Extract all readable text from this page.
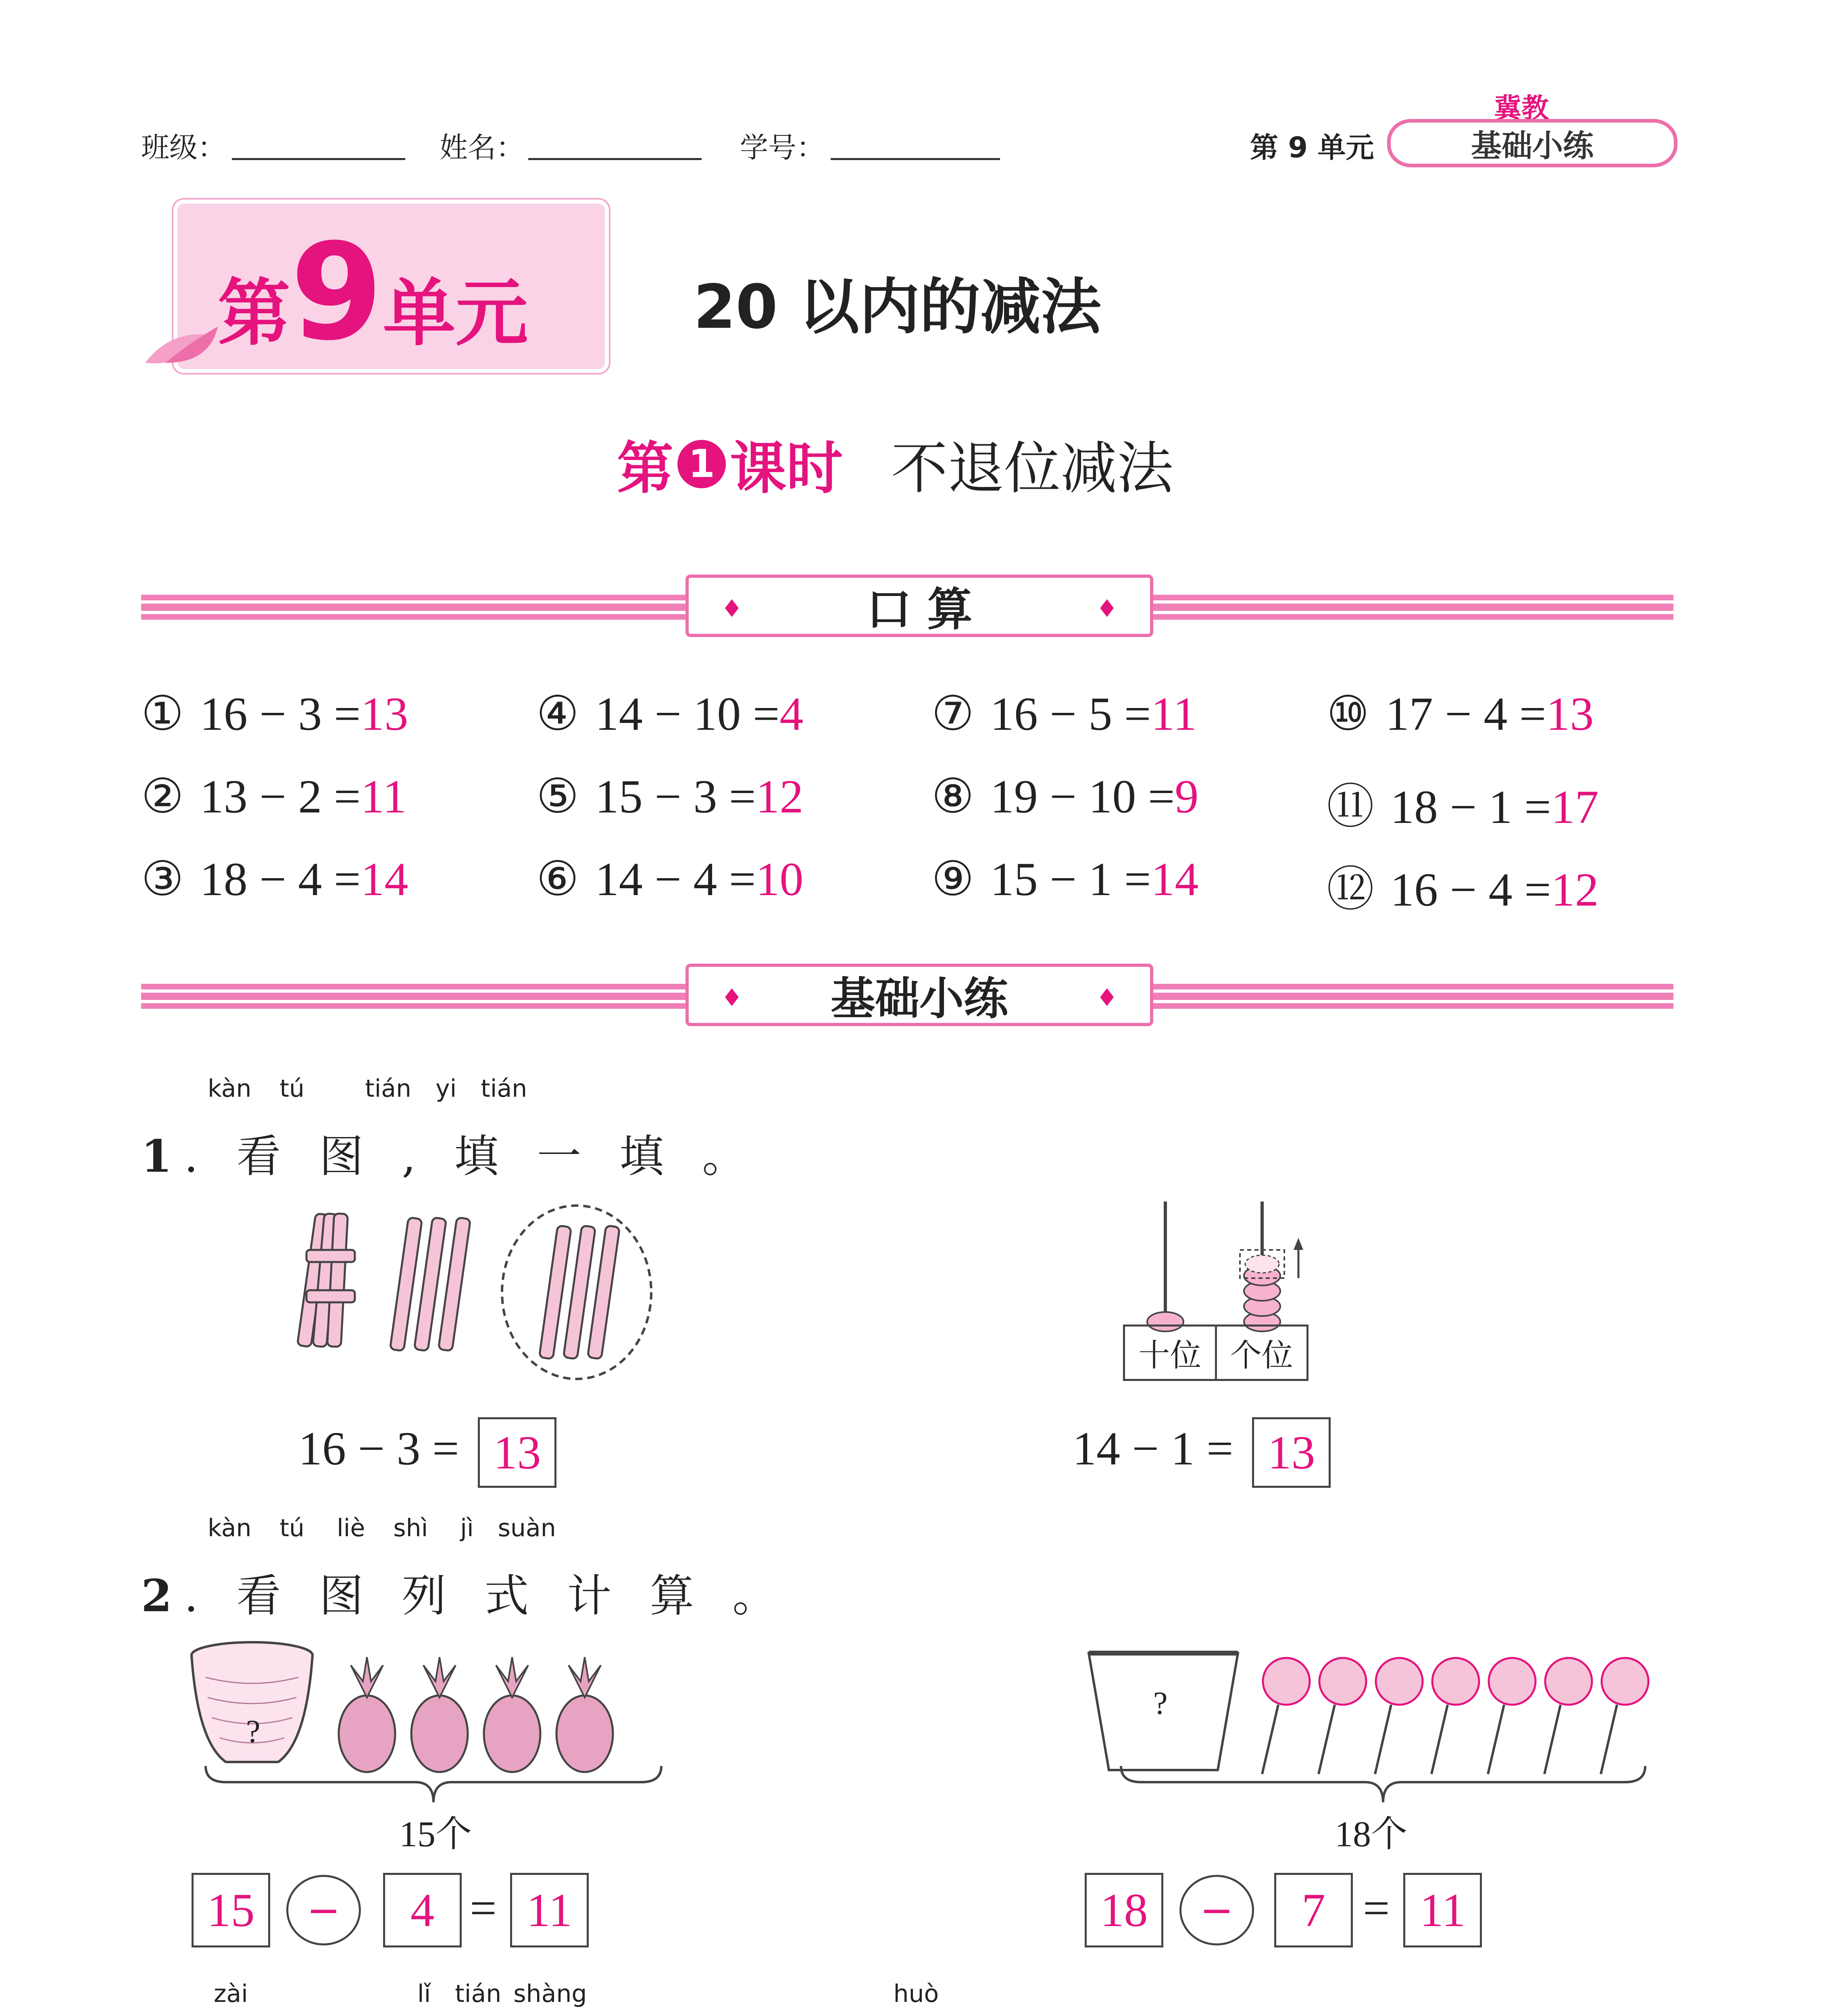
班级：	姓名：	学号：	第 9 单元
冀教
基础小练
第9单元	20 以内的减法
第 1 课时 不退位减法
♦	口 算	♦
① 16 − 3 =13	④ 14 − 10 =4	⑦ 16 − 5 =11	⑩ 17 − 4 =13
② 13 − 2 =11	⑤ 15 − 3 =12	⑧ 19 − 10 =9	⑪ 18 − 1 =17
③ 18 − 4 =14	⑥ 14 − 4 =10	⑨ 15 − 1 =14	⑫ 16 − 4 =12
♦ 基础小练	♦
kàn tú	tián yi tián
1. 看 图 , 填 一 填 。
16 − 3 = 13
十位 个位
14 − 1 = 13
kàn tú liè shì jì suàn
2. 看 图 列 式 计 算 。
?
15个
15 − 4 = 11
?
18个
18 − 7 = 11
zài	lǐ tián shàng	huò
